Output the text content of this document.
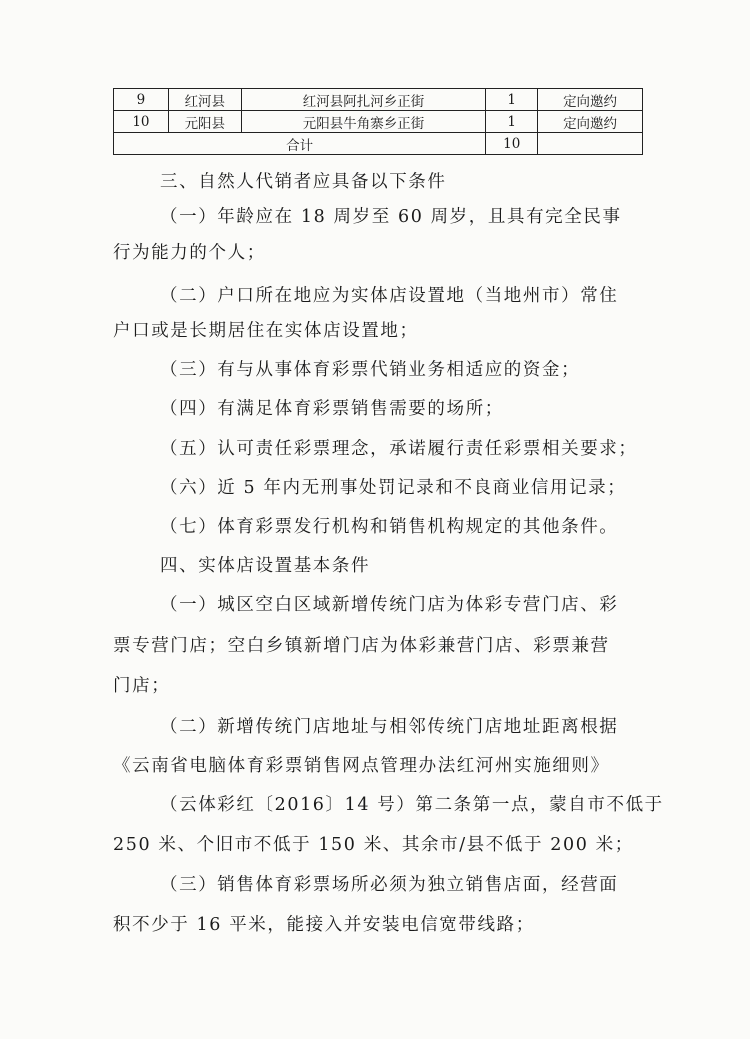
9	红河县	红河县阿扎河乡正街	1	定向邀约
10	元阳县	元阳县牛角寨乡正街	1	定向邀约
合计			10	
三、自然人代销者应具备以下条件
（一）年龄应在 18 周岁至 60 周岁，且具有完全民事
行为能力的个人；
（二）户口所在地应为实体店设置地（当地州市）常住
户口或是长期居住在实体店设置地；
（三）有与从事体育彩票代销业务相适应的资金；
（四）有满足体育彩票销售需要的场所；
（五）认可责任彩票理念，承诺履行责任彩票相关要求；
（六）近 5 年内无刑事处罚记录和不良商业信用记录；
（七）体育彩票发行机构和销售机构规定的其他条件。
四、实体店设置基本条件
（一）城区空白区域新增传统门店为体彩专营门店、彩
票专营门店；空白乡镇新增门店为体彩兼营门店、彩票兼营
门店；
（二）新增传统门店地址与相邻传统门店地址距离根据
《云南省电脑体育彩票销售网点管理办法红河州实施细则》
（云体彩红〔2016〕14 号）第二条第一点，蒙自市不低于
250 米、个旧市不低于 150 米、其余市/县不低于 200 米；
（三）销售体育彩票场所必须为独立销售店面，经营面
积不少于 16 平米，能接入并安装电信宽带线路；
